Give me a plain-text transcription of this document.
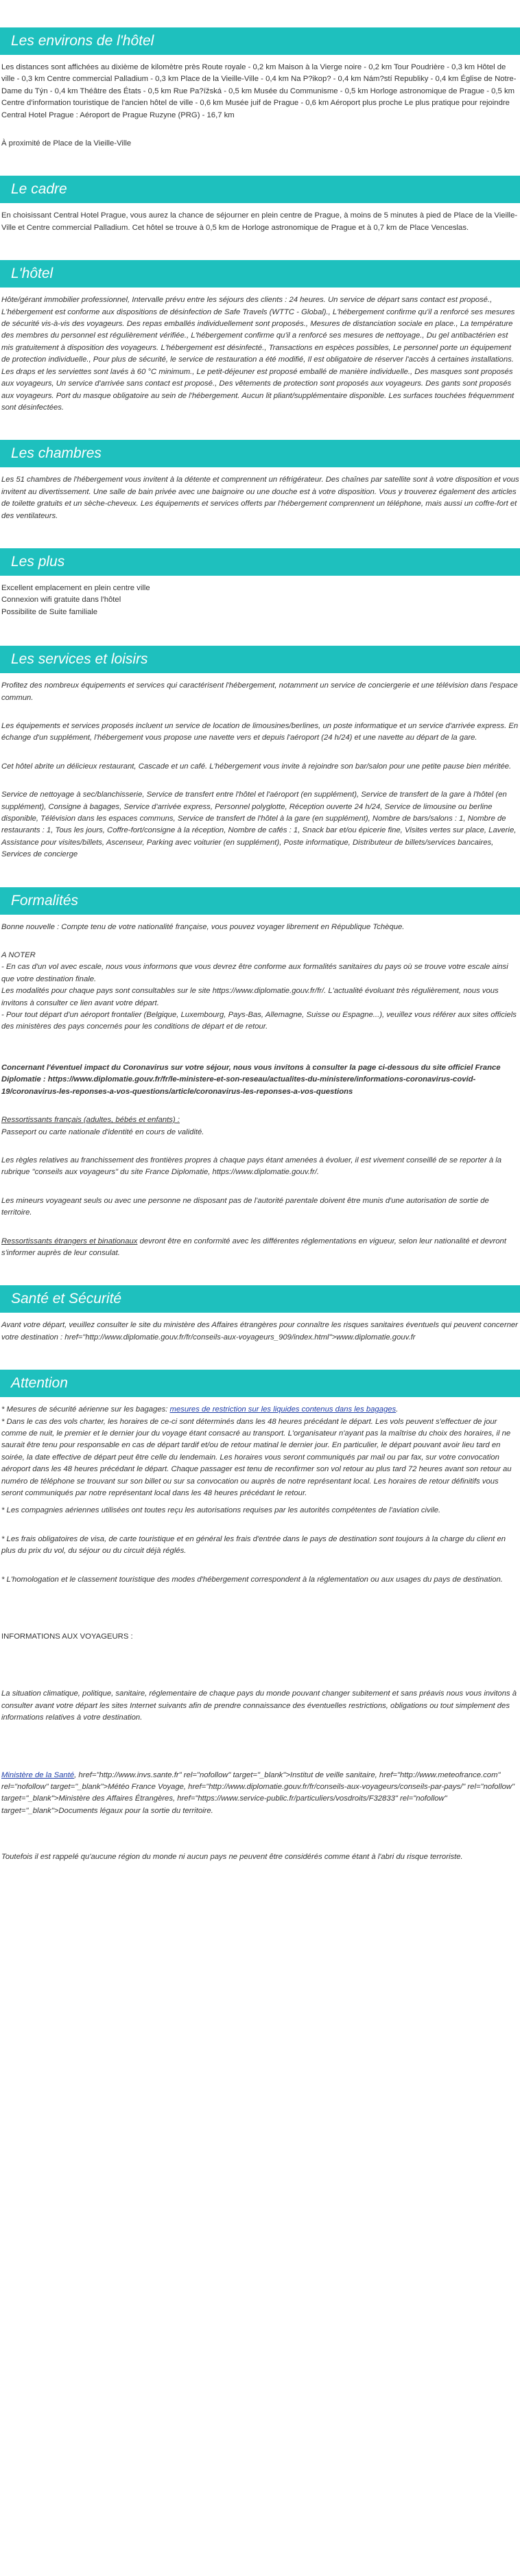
Les environs de l'hôtel

Les distances sont affichées au dixième de kilomètre près Route royale - 0,2 km Maison à la Vierge noire - 0,2 km Tour Poudrière - 0,3 km Hôtel de ville - 0,3 km Centre commercial Palladium - 0,3 km Place de la Vieille-Ville - 0,4 km Na P?ikop? - 0,4 km Nám?stí Republiky - 0,4 km Église de Notre-Dame du Týn - 0,4 km Théâtre des États - 0,5 km Rue Pa?ížská - 0,5 km Musée du Communisme - 0,5 km Horloge astronomique de Prague - 0,5 km Centre d'information touristique de l'ancien hôtel de ville - 0,6 km Musée juif de Prague - 0,6 km Aéroport plus proche Le plus pratique pour rejoindre Central Hotel Prague : Aéroport de Prague Ruzyne (PRG) - 16,7 km

À proximité de Place de la Vieille-Ville

Le cadre

En choisissant Central Hotel Prague, vous aurez la chance de séjourner en plein centre de Prague, à moins de 5 minutes à pied de Place de la Vieille-Ville et Centre commercial Palladium. Cet hôtel se trouve à 0,5 km de Horloge astronomique de Prague et à 0,7 km de Place Venceslas.

L'hôtel

Hôte/gérant immobilier professionnel, Intervalle prévu entre les séjours des clients : 24 heures. Un service de départ sans contact est proposé., L'hébergement est conforme aux dispositions de désinfection de Safe Travels (WTTC - Global)., L'hébergement confirme qu'il a renforcé ses mesures de sécurité vis-à-vis des voyageurs. Des repas emballés individuellement sont proposés., Mesures de distanciation sociale en place., La température des membres du personnel est régulièrement vérifiée., L'hébergement confirme qu'il a renforcé ses mesures de nettoyage., Du gel antibactérien est mis gratuitement à disposition des voyageurs. L'hébergement est désinfecté., Transactions en espèces possibles, Le personnel porte un équipement de protection individuelle., Pour plus de sécurité, le service de restauration a été modifié, Il est obligatoire de réserver l'accès à certaines installations. Les draps et les serviettes sont lavés à 60 °C minimum., Le petit-déjeuner est proposé emballé de manière individuelle., Des masques sont proposés aux voyageurs, Un service d'arrivée sans contact est proposé., Des vêtements de protection sont proposés aux voyageurs. Des gants sont proposés aux voyageurs. Port du masque obligatoire au sein de l'hébergement. Aucun lit pliant/supplémentaire disponible. Les surfaces touchées fréquemment sont désinfectées.

Les chambres

Les 51 chambres de l'hébergement vous invitent à la détente et comprennent un réfrigérateur. Des chaînes par satellite sont à votre disposition et vous invitent au divertissement. Une salle de bain privée avec une baignoire ou une douche est à votre disposition. Vous y trouverez également des articles de toilette gratuits et un sèche-cheveux. Les équipements et services offerts par l'hébergement comprennent un téléphone, mais aussi un coffre-fort et des ventilateurs.

Les plus
Excellent emplacement en plein centre ville
Connexion wifi gratuite dans l'hôtel
Possibilite de Suite familiale
Les services et loisirs

Profitez des nombreux équipements et services qui caractérisent l'hébergement, notamment un service de conciergerie et une télévision dans l'espace commun.

Les équipements et services proposés incluent un service de location de limousines/berlines, un poste informatique et un service d'arrivée express. En échange d'un supplément, l'hébergement vous propose une navette vers et depuis l'aéroport (24 h/24) et une navette au départ de la gare.

Cet hôtel abrite un délicieux restaurant, Cascade et un café. L'hébergement vous invite à rejoindre son bar/salon pour une petite pause bien méritée.

Service de nettoyage à sec/blanchisserie, Service de transfert entre l'hôtel et l'aéroport (en supplément), Service de transfert de la gare à l'hôtel (en supplément), Consigne à bagages, Service d'arrivée express, Personnel polyglotte, Réception ouverte 24 h/24, Service de limousine ou berline disponible, Télévision dans les espaces communs, Service de transfert de l'hôtel à la gare (en supplément), Nombre de bars/salons : 1, Nombre de restaurants : 1, Tous les jours, Coffre-fort/consigne à la réception, Nombre de cafés : 1, Snack bar et/ou épicerie fine, Visites vertes sur place, Laverie, Assistance pour visites/billets, Ascenseur, Parking avec voiturier (en supplément), Poste informatique, Distributeur de billets/services bancaires, Services de concierge

Formalités

Bonne nouvelle : Compte tenu de votre nationalité française, vous pouvez voyager librement en République Tchèque.

A NOTER
- En cas d'un vol avec escale, nous vous informons que vous devrez être conforme aux formalités sanitaires du pays où se trouve votre escale ainsi que votre destination finale.
Les modalités pour chaque pays sont consultables sur le site https://www.diplomatie.gouv.fr/fr/. L'actualité évoluant très régulièrement, nous vous invitons à consulter ce lien avant votre départ.
- Pour tout départ d'un aéroport frontalier (Belgique, Luxembourg, Pays-Bas, Allemagne, Suisse ou Espagne...), veuillez vous référer aux sites officiels des ministères des pays concernés pour les conditions de départ et de retour.

Concernant l'éventuel impact du Coronavirus sur votre séjour, nous vous invitons à consulter la page ci-dessous du site officiel France Diplomatie : https://www.diplomatie.gouv.fr/fr/le-ministere-et-son-reseau/actualites-du-ministere/informations-coronavirus-covid-19/coronavirus-les-reponses-a-vos-questions/article/coronavirus-les-reponses-a-vos-questions

Ressortissants français (adultes, bébés et enfants) :

Passeport ou carte nationale d'identité en cours de validité.

Les règles relatives au franchissement des frontières propres à chaque pays étant amenées à évoluer, il est vivement conseillé de se reporter à la rubrique "conseils aux voyageurs" du site France Diplomatie, https://www.diplomatie.gouv.fr/.

Les mineurs voyageant seuls ou avec une personne ne disposant pas de l'autorité parentale doivent être munis d'une autorisation de sortie de territoire.

Ressortissants étrangers et binationaux devront être en conformité avec les différentes réglementations en vigueur, selon leur nationalité et devront s'informer auprès de leur consulat.

Santé et Sécurité

Avant votre départ, veuillez consulter le site du ministère des Affaires étrangères pour connaître les risques sanitaires éventuels qui peuvent concerner votre destination : href="http://www.diplomatie.gouv.fr/fr/conseils-aux-voyageurs_909/index.html">www.diplomatie.gouv.fr

Attention

* Mesures de sécurité aérienne sur les bagages: mesures de restriction sur les liquides contenus dans les bagages.

* Dans le cas des vols charter, les horaires de ce-ci sont déterminés dans les 48 heures précédant le départ. Les vols peuvent s'effectuer de jour comme de nuit, le premier et le dernier jour du voyage étant consacré au transport. L'organisateur n'ayant pas la maîtrise du choix des horaires, il ne saurait être tenu pour responsable en cas de départ tardif et/ou de retour matinal le dernier jour. En particulier, le départ pouvant avoir lieu tard en soirée, la date effective de départ peut être celle du lendemain. Les horaires vous seront communiqués par mail ou par fax, sur votre convocation aéroport dans les 48 heures précédant le départ. Chaque passager est tenu de reconfirmer son vol retour au plus tard 72 heures avant son retour au numéro de téléphone se trouvant sur son billet ou sur sa convocation ou auprès de notre représentant local. Les horaires de retour définitifs vous seront communiqués par notre représentant local dans les 48 heures précédant le retour.

* Les compagnies aériennes utilisées ont toutes reçu les autorisations requises par les autorités compétentes de l'aviation civile.

* Les frais obligatoires de visa, de carte touristique et en général les frais d'entrée dans le pays de destination sont toujours à la charge du client en plus du prix du vol, du séjour ou du circuit déjà réglés.

* L'homologation et le classement touristique des modes d'hébergement correspondent à la réglementation ou aux usages du pays de destination.

INFORMATIONS AUX VOYAGEURS :

La situation climatique, politique, sanitaire, réglementaire de chaque pays du monde pouvant changer subitement et sans préavis nous vous invitons à consulter avant votre départ les sites Internet suivants afin de prendre connaissance des éventuelles restrictions, obligations ou tout simplement des informations relatives à votre destination.

Ministère de la Santé, href="http://www.invs.sante.fr" rel="nofollow" target="_blank">Institut de veille sanitaire, href="http://www.meteofrance.com" rel="nofollow" target="_blank">Météo France Voyage, href="http://www.diplomatie.gouv.fr/fr/conseils-aux-voyageurs/conseils-par-pays/" rel="nofollow" target="_blank">Ministère des Affaires Étrangères, href="https://www.service-public.fr/particuliers/vosdroits/F32833" rel="nofollow" target="_blank">Documents légaux pour la sortie du territoire.

Toutefois il est rappelé qu'aucune région du monde ni aucun pays ne peuvent être considérés comme étant à l'abri du risque terroriste.
